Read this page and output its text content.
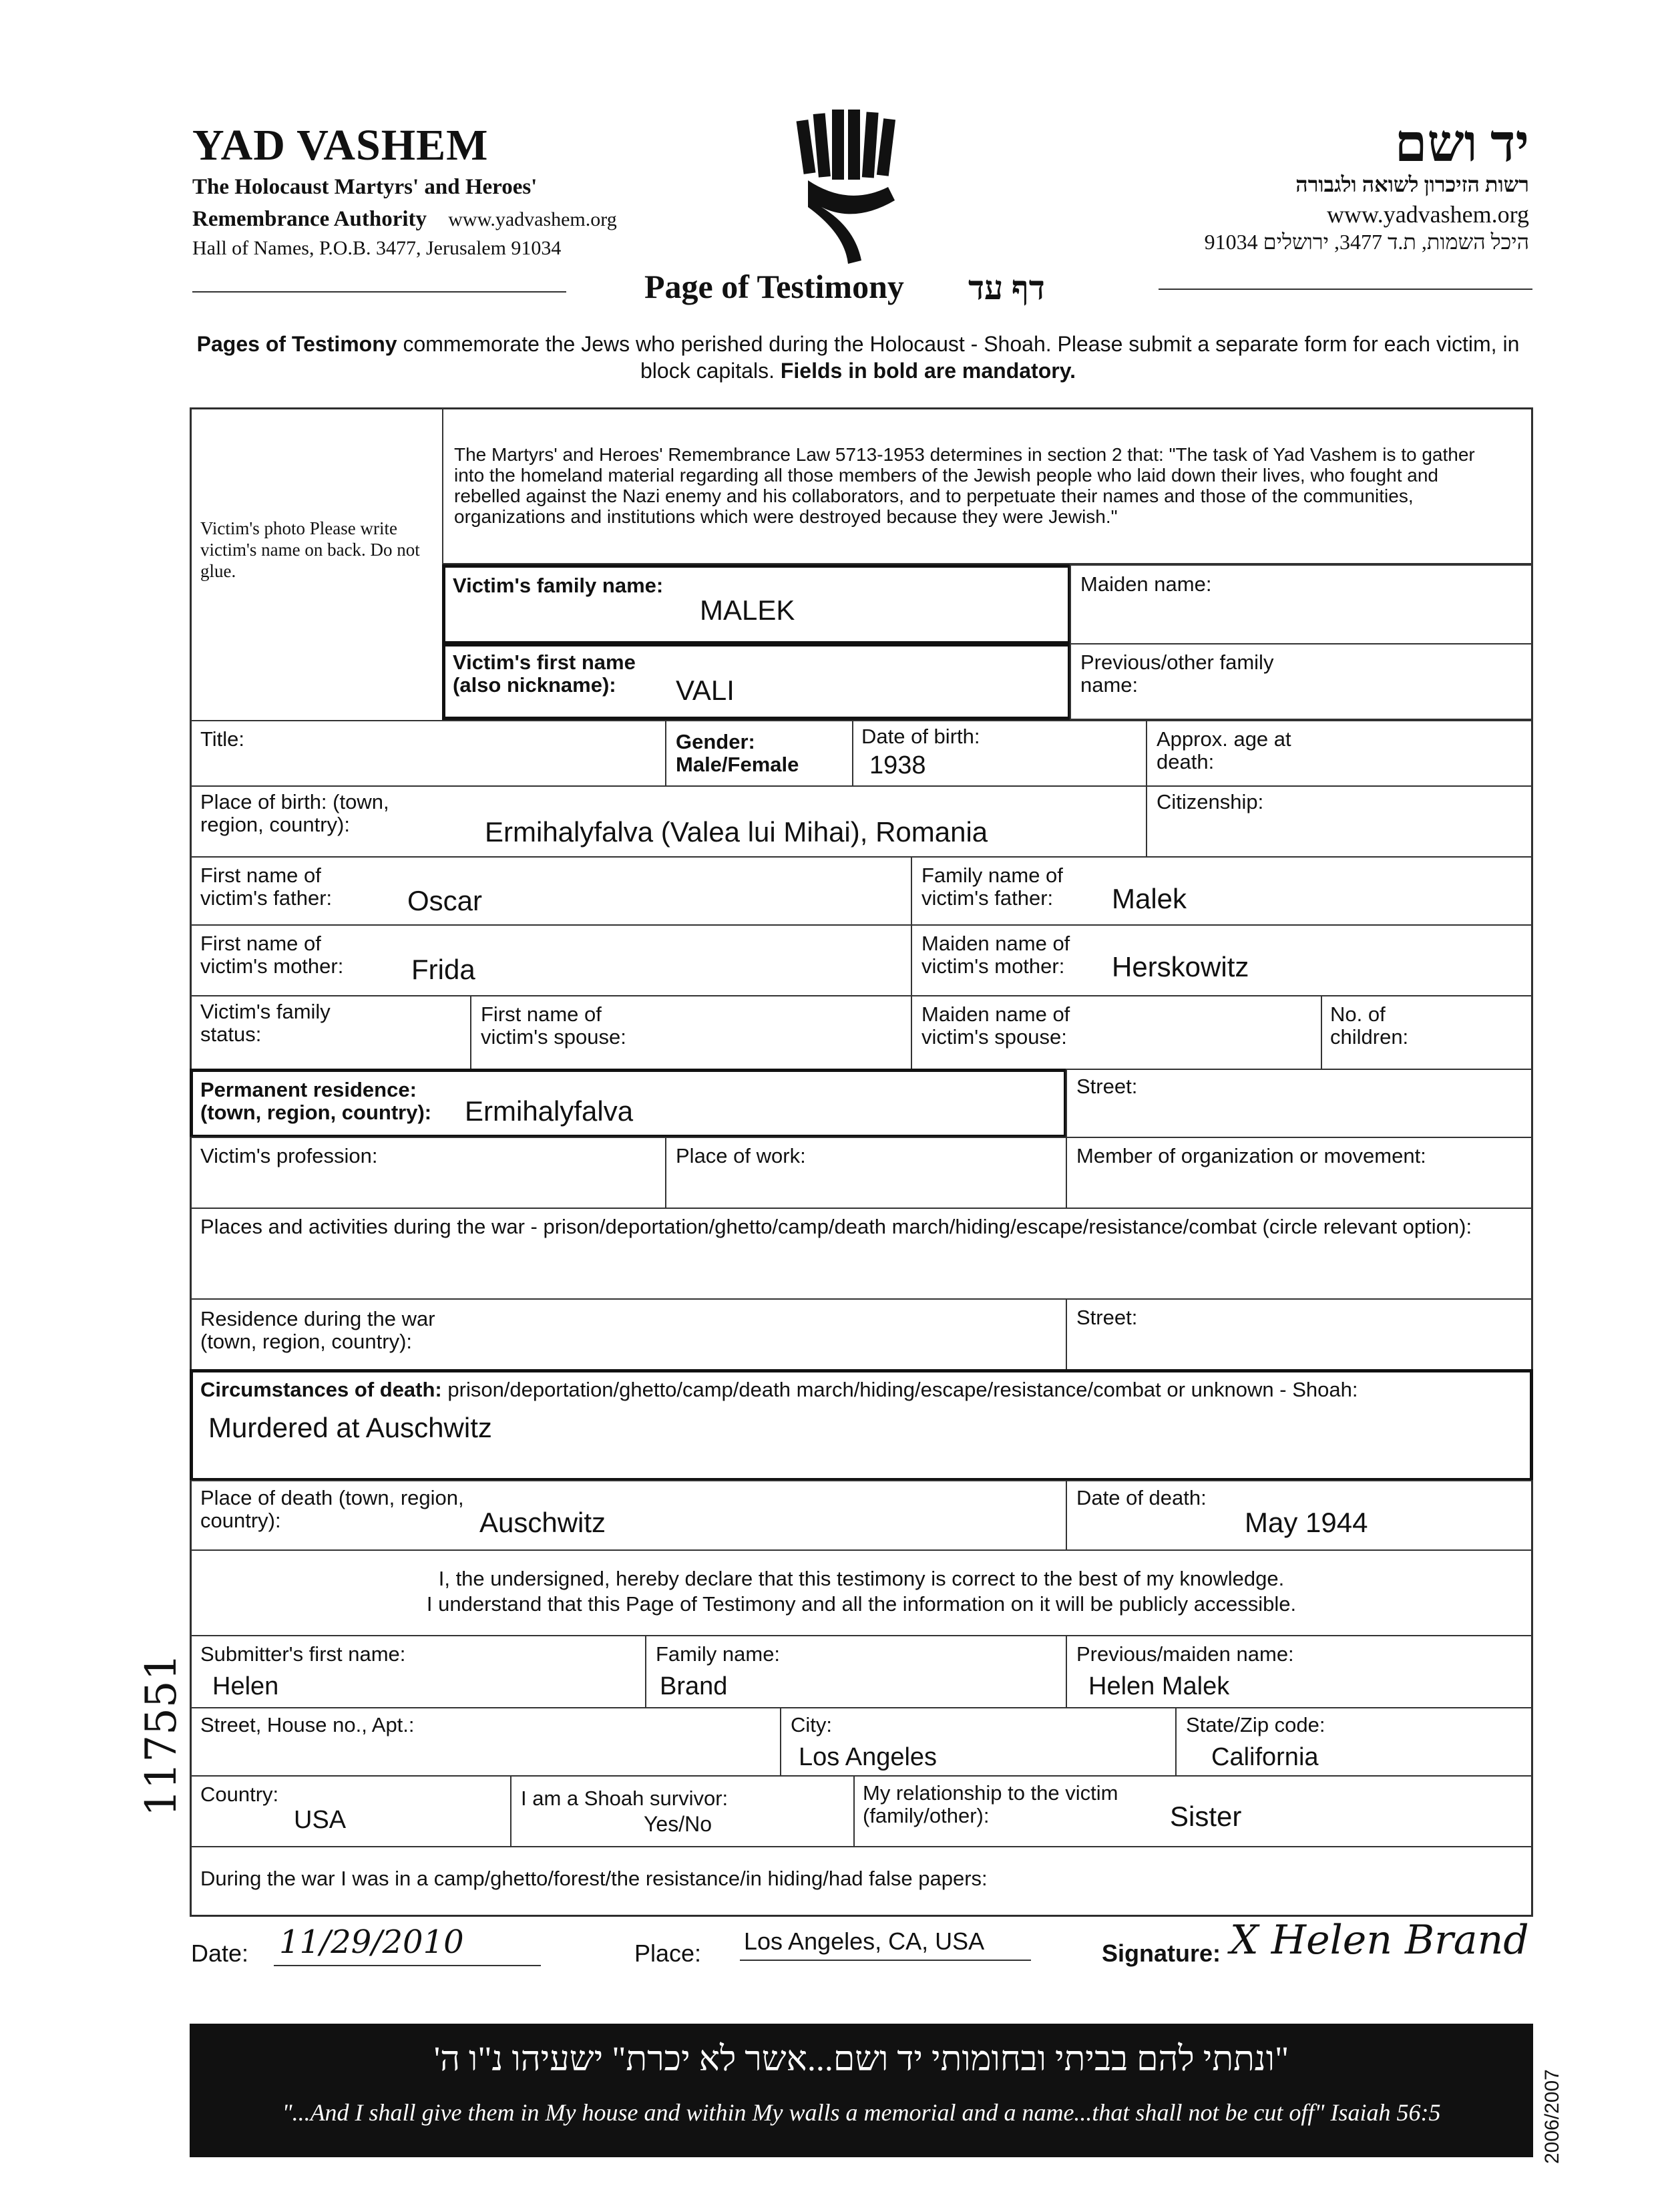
YAD VASHEM
The Holocaust Martyrs' and Heroes'
Remembrance Authority www.yadvashem.org
Hall of Names, P.O.B. 3477, Jerusalem 91034
יד ושם
רשות הזיכרון לשואה ולגבורה
www.yadvashem.org
היכל השמות, ת.ד 3477, ירושלים 91034
Page of Testimony דף עד
Pages of Testimony commemorate the Jews who perished during the Holocaust - Shoah. Please submit a separate form for each victim, in block capitals. Fields in bold are mandatory.
Victim's photo Please write victim's name on back. Do not glue.
The Martyrs' and Heroes' Remembrance Law 5713-1953 determines in section 2 that: "The task of Yad Vashem is to gather into the homeland material regarding all those members of the Jewish people who laid down their lives, who fought and rebelled against the Nazi enemy and his collaborators, and to perpetuate their names and those of the communities, organizations and institutions which were destroyed because they were Jewish."
Victim's family name:
MALEK
Maiden name:
Victim's first name (also nickname):	VALI
Previous/other family name:
Title:	Gender: Male/Female
Date of birth:
1938
Approx. age at death:
Place of birth: (town, region, country):	Ermihalyfalva (Valea lui Mihai), Romania
Citizenship:
First name of victim's father:	Oscar
Family name of victim's father:	Malek
First name of victim's mother:	Frida
Maiden name of victim's mother:	Herskowitz
Victim's family status:
First name of victim's spouse:
Maiden name of victim's spouse:
No. of children:
Permanent residence: (town, region, country):	Ermihalyfalva
Street:
Victim's profession:	Place of work:	Member of organization or movement:
Places and activities during the war - prison/deportation/ghetto/camp/death march/hiding/escape/resistance/combat (circle relevant option):
Residence during the war (town, region, country):
Street:
Circumstances of death: prison/deportation/ghetto/camp/death march/hiding/escape/resistance/combat or unknown - Shoah:
Murdered at Auschwitz
Place of death (town, region, country):	Auschwitz
Date of death:
May 1944
I, the undersigned, hereby declare that this testimony is correct to the best of my knowledge.
I understand that this Page of Testimony and all the information on it will be publicly accessible.
Submitter's first name:
Helen
Family name:
Brand
Previous/maiden name:
Helen Malek
Street, House no., Apt.:	City:
Los Angeles
State/Zip code:
California
Country:
USA
I am a Shoah survivor:
Yes/No
My relationship to the victim (family/other):	Sister
During the war I was in a camp/ghetto/forest/the resistance/in hiding/had false papers:
Date: 11/29/2010	Place: Los Angeles, CA, USA	Signature: X Helen Brand
117551
"ונתתי להם בביתי ובחומותי יד ושם...אשר לא יכרת" ישעיהו נ"ו ה'
"...And I shall give them in My house and within My walls a memorial and a name...that shall not be cut off" Isaiah 56:5	2006/2007
